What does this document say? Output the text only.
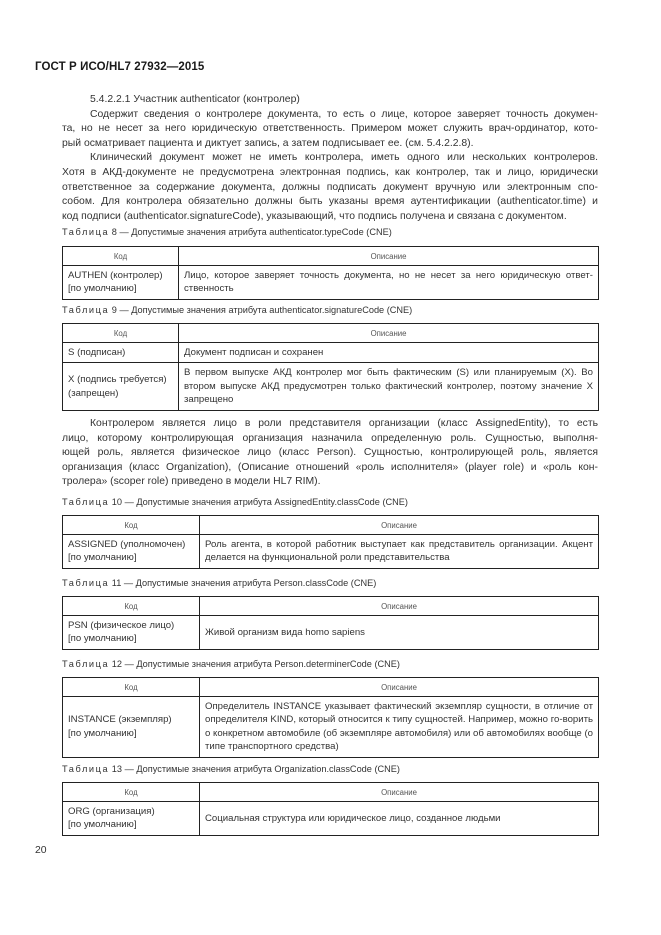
ГОСТ Р ИСО/HL7 27932—2015
5.4.2.2.1 Участник authenticator (контролер)
Содержит сведения о контролере документа, то есть о лице, которое заверяет точность докумен-
та, но не несет за него юридическую ответственность. Примером может служить врач-ординатор, кото-
рый осматривает пациента и диктует запись, а затем подписывает ее. (см. 5.4.2.2.8).
Клинический документ может не иметь контролера, иметь одного или нескольких контролеров.
Хотя в АКД-документе не предусмотрена электронная подпись, как контролер, так и лицо, юридически
ответственное за содержание документа, должны подписать документ вручную или электронным спо-
собом. Для контролера обязательно должны быть указаны время аутентификации (authenticator.time) и
код подписи (authenticator.signatureCode), указывающий, что подпись получена и связана с документом.
Таблица 8 — Допустимые значения атрибута authenticator.typeCode (CNE)
Код	Описание
AUTHEN (контролер)
[по умолчанию]	Лицо, которое заверяет точность документа, но не несет за него юридическую ответ-ственность
Таблица 9 — Допустимые значения атрибута authenticator.signatureCode (CNE)
Код	Описание
S (подписан)	Документ подписан и сохранен
X (подпись требуется)
(запрещен)	В первом выпуске АКД контролер мог быть фактическим (S) или планируемым (X). Во втором выпуске АКД предусмотрен только фактический контролер, поэтому значение X запрещено
Контролером является лицо в роли представителя организации (класс AssignedEntity), то есть
лицо, которому контролирующая организация назначила определенную роль. Сущностью, выполня-
ющей роль, является физическое лицо (класс Person). Сущностью, контролирующей роль, является
организация (класс Organization), (Описание отношений «роль исполнителя» (player role) и «роль кон-
тролера» (scoper role) приведено в модели HL7 RIM).
Таблица 10 — Допустимые значения атрибута AssignedEntity.classCode (CNE)
Код	Описание
ASSIGNED (уполномочен)
[по умолчанию]	Роль агента, в которой работник выступает как представитель организации. Акцент делается на функциональной роли представительства
Таблица 11 — Допустимые значения атрибута Person.classCode (CNE)
Код	Описание
PSN (физическое лицо)
[по умолчанию]	Живой организм вида homo sapiens
Таблица 12 — Допустимые значения атрибута Person.determinerCode (CNE)
Код	Описание
INSTANCE (экземпляр)
[по умолчанию]	Определитель INSTANCE указывает фактический экземпляр сущности, в отличие от определителя KIND, который относится к типу сущностей. Например, можно го-ворить о конкретном автомобиле (об экземпляре автомобиля) или об автомобилях вообще (о типе транспортного средства)
Таблица 13 — Допустимые значения атрибута Organization.classCode (CNE)
Код	Описание
ORG (организация)
[по умолчанию]	Социальная структура или юридическое лицо, созданное людьми
20
